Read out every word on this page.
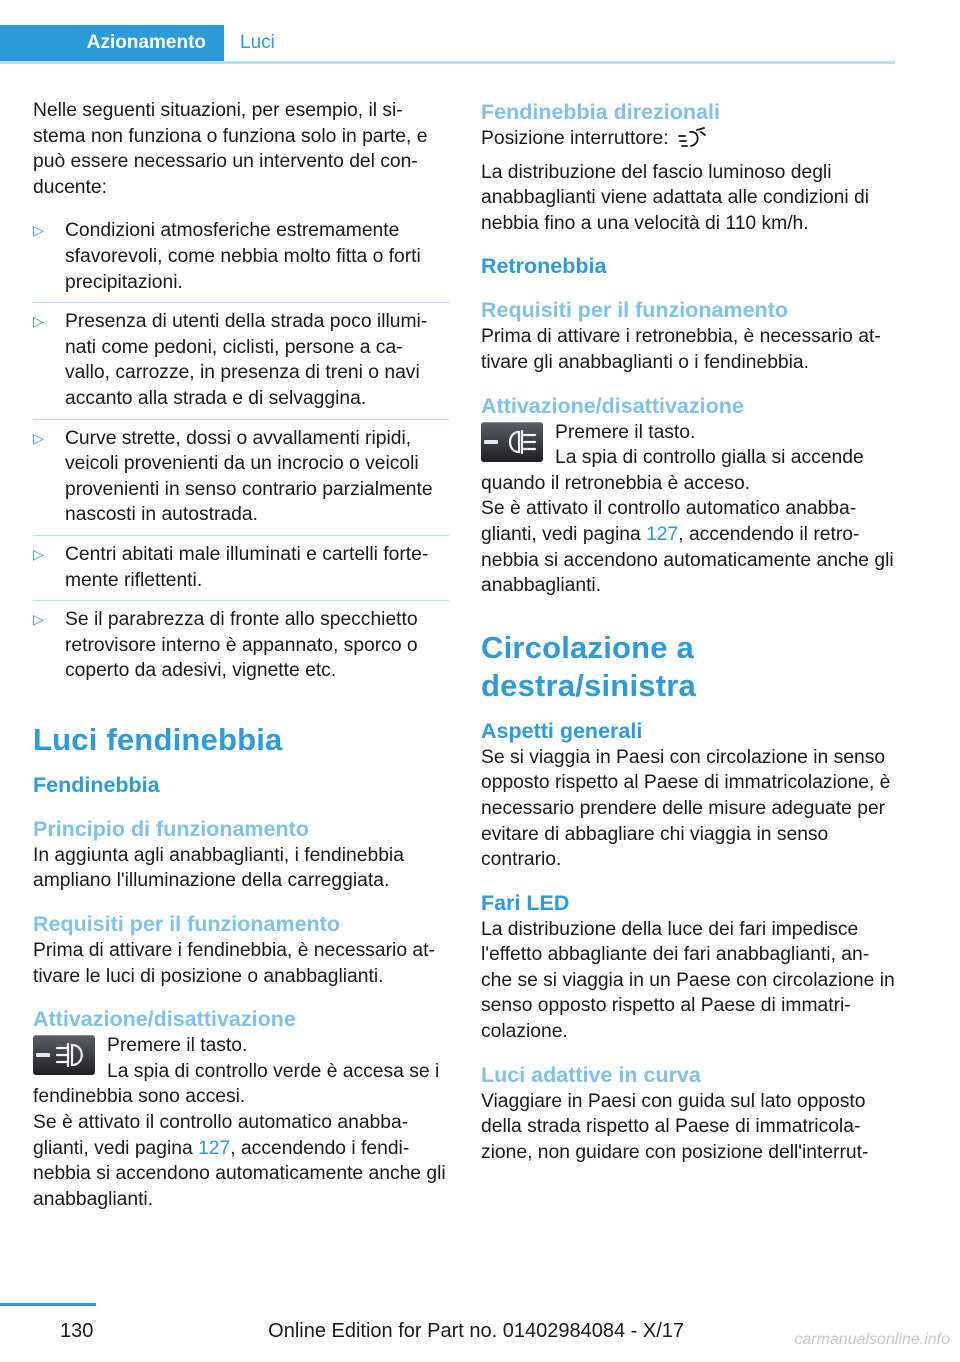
Azionamento	Luci

Nelle seguenti situazioni, per esempio, il si- stema non funziona o funziona solo in parte, e può essere necessario un intervento del con- ducente:

▷ Condizioni atmosferiche estremamente sfavorevoli, come nebbia molto fitta o forti precipitazioni.
▷ Presenza di utenti della strada poco illumi- nati come pedoni, ciclisti, persone a ca- vallo, carrozze, in presenza di treni o navi accanto alla strada e di selvaggina.
▷ Curve strette, dossi o avvallamenti ripidi, veicoli provenienti da un incrocio o veicoli provenienti in senso contrario parzialmente nascosti in autostrada.
▷ Centri abitati male illuminati e cartelli forte- mente riflettenti.
▷ Se il parabrezza di fronte allo specchietto retrovisore interno è appannato, sporco o coperto da adesivi, vignette etc.
Luci fendinebbia
Fendinebbia
Principio di funzionamento

In aggiunta agli anabbaglianti, i fendinebbia ampliano l'illuminazione della carreggiata.

Requisiti per il funzionamento

Prima di attivare i fendinebbia, è necessario at- tivare le luci di posizione o anabbaglianti.

Attivazione/disattivazione
Premere il tasto.
La spia di controllo verde è accesa se i fendinebbia sono accesi.

Se è attivato il controllo automatico anabba- glianti, vedi pagina 127, accendendo i fendi- nebbia si accendono automaticamente anche gli anabbaglianti.

Fendinebbia direzionali

Posizione interruttore:

La distribuzione del fascio luminoso degli anabbaglianti viene adattata alle condizioni di nebbia fino a una velocità di 110 km/h.

Retronebbia
Requisiti per il funzionamento

Prima di attivare i retronebbia, è necessario at- tivare gli anabbaglianti o i fendinebbia.

Attivazione/disattivazione
Premere il tasto.
La spia di controllo gialla si accende quando il retronebbia è acceso.

Se è attivato il controllo automatico anabba- glianti, vedi pagina 127, accendendo il retro- nebbia si accendono automaticamente anche gli anabbaglianti.

Circolazione a destra/sinistra
Aspetti generali

Se si viaggia in Paesi con circolazione in senso opposto rispetto al Paese di immatricolazione, è necessario prendere delle misure adeguate per evitare di abbagliare chi viaggia in senso contrario.

Fari LED

La distribuzione della luce dei fari impedisce l'effetto abbagliante dei fari anabbaglianti, an- che se si viaggia in un Paese con circolazione in senso opposto rispetto al Paese di immatri- colazione.

Luci adattive in curva

Viaggiare in Paesi con guida sul lato opposto della strada rispetto al Paese di immatricola- zione, non guidare con posizione dell'interrut-

130	Online Edition for Part no. 01402984084 - X/17	carmanualsonline.info
